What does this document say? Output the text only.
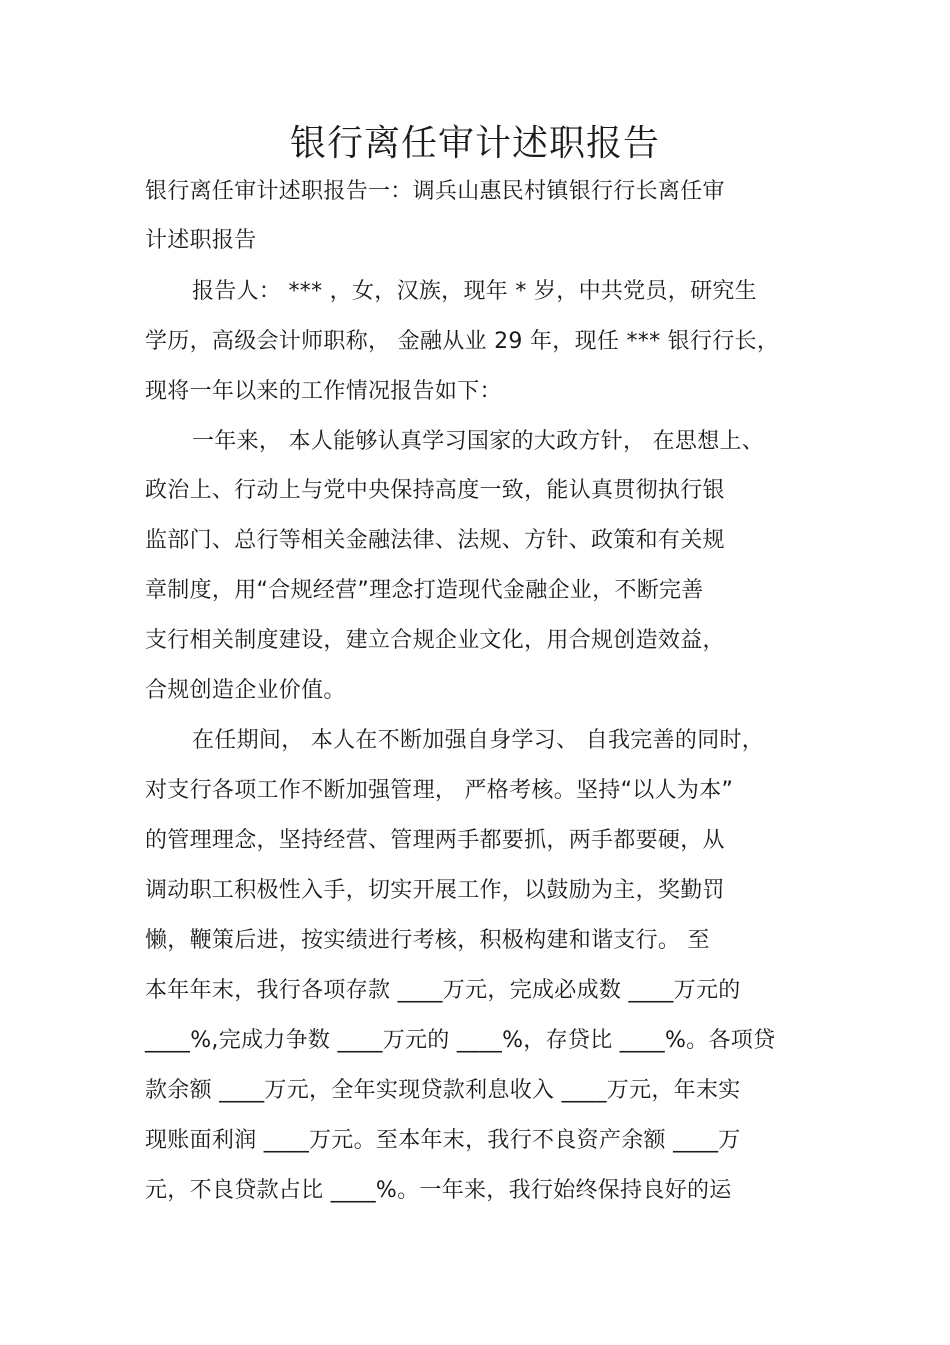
银行离任审计述职报告
银行离任审计述职报告一：调兵山惠民村镇银行行长离任审
计述职报告
报告人： *** ，女，汉族，现年 * 岁，中共党员，研究生
学历，高级会计师职称， 金融从业 29 年，现任 *** 银行行长，
现将一年以来的工作情况报告如下：
一年来， 本人能够认真学习国家的大政方针， 在思想上、
政治上、行动上与党中央保持高度一致，能认真贯彻执行银
监部门、总行等相关金融法律、法规、方针、政策和有关规
章制度，用“合规经营”理念打造现代金融企业，不断完善
支行相关制度建设，建立合规企业文化，用合规创造效益，
合规创造企业价值。
在任期间， 本人在不断加强自身学习、 自我完善的同时，
对支行各项工作不断加强管理， 严格考核。坚持“以人为本”
的管理理念，坚持经营、管理两手都要抓，两手都要硬，从
调动职工积极性入手，切实开展工作，以鼓励为主，奖勤罚
懒，鞭策后进，按实绩进行考核，积极构建和谐支行。 至
本年年末，我行各项存款 ____万元，完成必成数 ____万元的
____%,完成力争数 ____万元的 ____%，存贷比 ____%。各项贷
款余额 ____万元，全年实现贷款利息收入 ____万元，年末实
现账面利润 ____万元。至本年末，我行不良资产余额 ____万
元，不良贷款占比 ____%。一年来，我行始终保持良好的运
